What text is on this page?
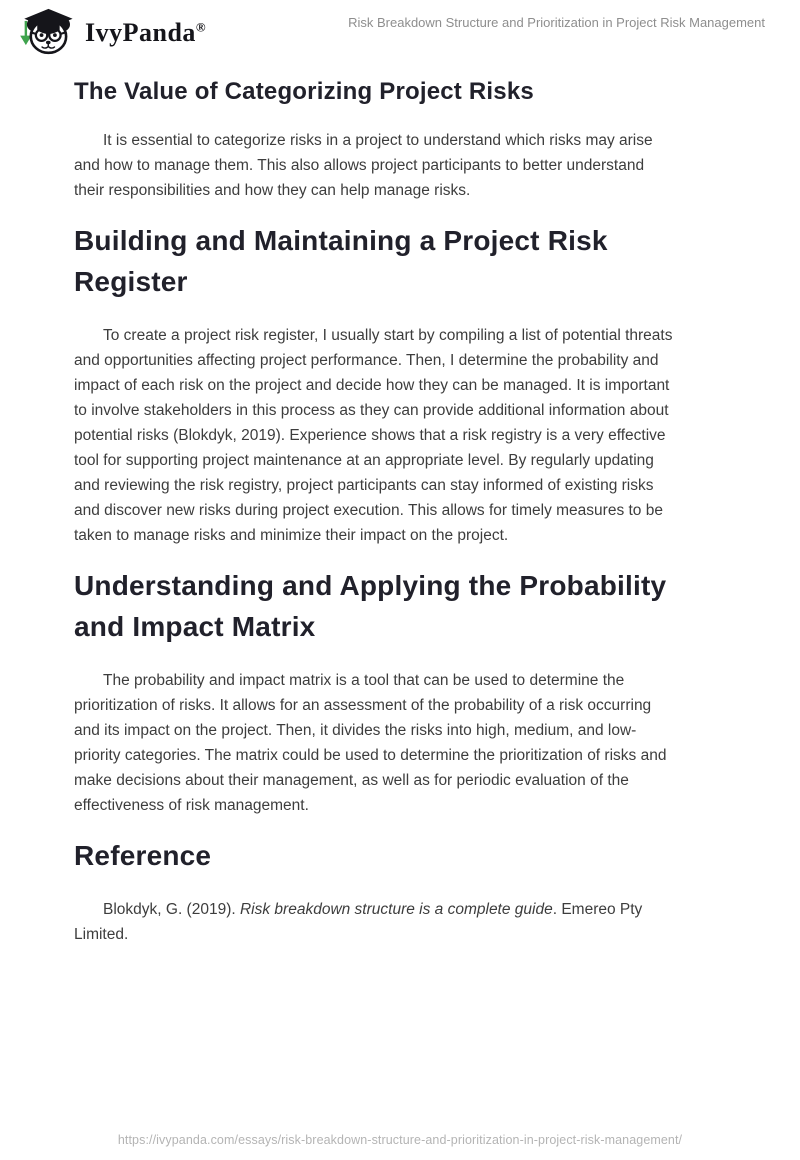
IvyPanda®	Risk Breakdown Structure and Prioritization in Project Risk Management
The Value of Categorizing Project Risks
It is essential to categorize risks in a project to understand which risks may arise
and how to manage them. This also allows project participants to better understand
their responsibilities and how they can help manage risks.
Building and Maintaining a Project Risk
Register
To create a project risk register, I usually start by compiling a list of potential threats
and opportunities affecting project performance. Then, I determine the probability and
impact of each risk on the project and decide how they can be managed. It is important
to involve stakeholders in this process as they can provide additional information about
potential risks (Blokdyk, 2019). Experience shows that a risk registry is a very effective
tool for supporting project maintenance at an appropriate level. By regularly updating
and reviewing the risk registry, project participants can stay informed of existing risks
and discover new risks during project execution. This allows for timely measures to be
taken to manage risks and minimize their impact on the project.
Understanding and Applying the Probability
and Impact Matrix
The probability and impact matrix is a tool that can be used to determine the
prioritization of risks. It allows for an assessment of the probability of a risk occurring
and its impact on the project. Then, it divides the risks into high, medium, and low-
priority categories. The matrix could be used to determine the prioritization of risks and
make decisions about their management, as well as for periodic evaluation of the
effectiveness of risk management.
Reference
Blokdyk, G. (2019). Risk breakdown structure is a complete guide. Emereo Pty
Limited.
https://ivypanda.com/essays/risk-breakdown-structure-and-prioritization-in-project-risk-management/
